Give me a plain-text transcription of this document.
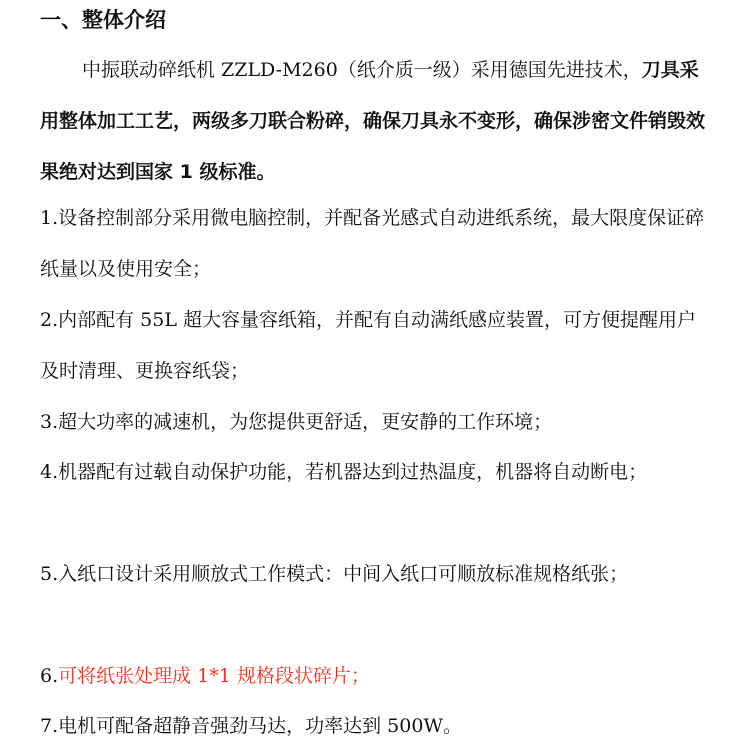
一、整体介绍

中振联动碎纸机 ZZLD-M260（纸介质一级）采用德国先进技术，刀具采用整体加工工艺，两级多刀联合粉碎，确保刀具永不变形，确保涉密文件销毁效果绝对达到国家 1 级标准。

1.设备控制部分采用微电脑控制，并配备光感式自动进纸系统，最大限度保证碎纸量以及使用安全；

2.内部配有 55L 超大容量容纸箱，并配有自动满纸感应装置，可方便提醒用户及时清理、更换容纸袋；

3.超大功率的减速机，为您提供更舒适，更安静的工作环境；

4.机器配有过载自动保护功能，若机器达到过热温度，机器将自动断电；

5.入纸口设计采用顺放式工作模式：中间入纸口可顺放标准规格纸张；

6.可将纸张处理成 1*1 规格段状碎片；

7.电机可配备超静音强劲马达，功率达到 500W。
